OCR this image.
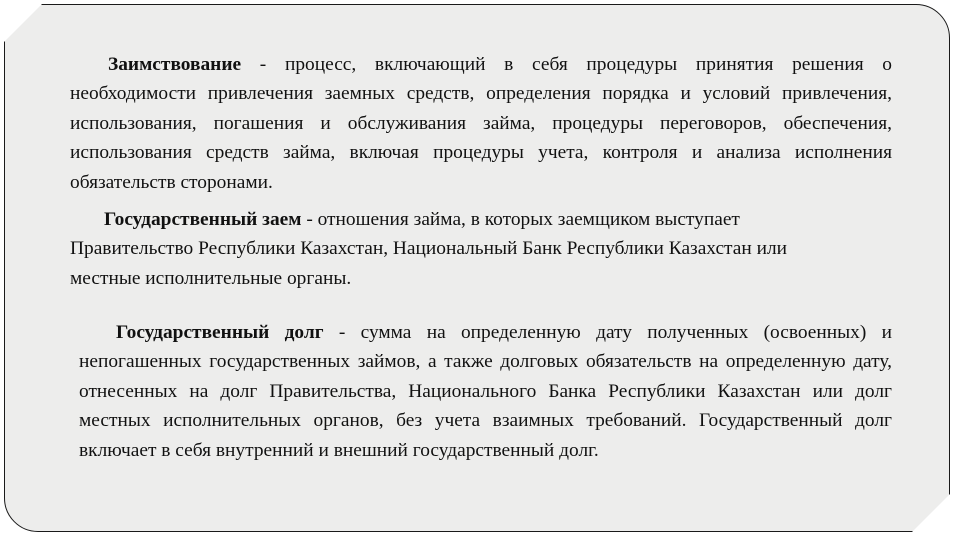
Заимствование - процесс, включающий в себя процедуры принятия решения о необходимости привлечения заемных средств, определения порядка и условий привлечения, использования, погашения и обслуживания займа, процедуры переговоров, обеспечения, использования средств займа, включая процедуры учета, контроля и анализа исполнения обязательств сторонами.

Государственный заем - отношения займа, в которых заемщиком выступает Правительство Республики Казахстан, Национальный Банк Республики Казахстан или местные исполнительные органы.

Государственный долг - сумма на определенную дату полученных (освоенных) и непогашенных государственных займов, а также долговых обязательств на определенную дату, отнесенных на долг Правительства, Национального Банка Республики Казахстан или долг местных исполнительных органов, без учета взаимных требований. Государственный долг включает в себя внутренний и внешний государственный долг.
